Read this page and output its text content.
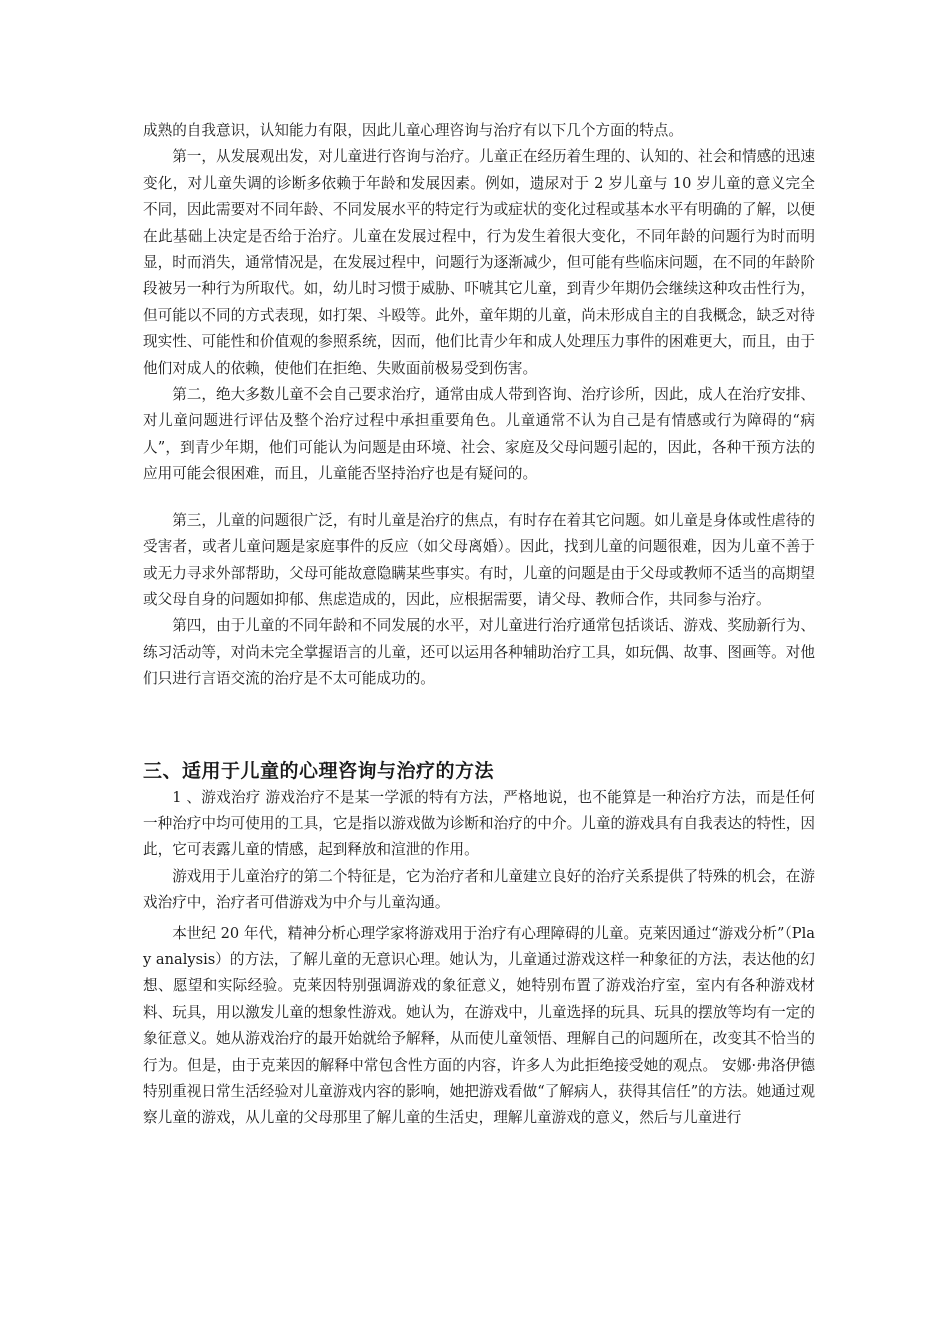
成熟的自我意识，认知能力有限，因此儿童心理咨询与治疗有以下几个方面的特点。

第一，从发展观出发，对儿童进行咨询与治疗。儿童正在经历着生理的、认知的、社会和情感的迅速变化，对儿童失调的诊断多依赖于年龄和发展因素。例如，遗尿对于 2 岁儿童与 10 岁儿童的意义完全不同，因此需要对不同年龄、不同发展水平的特定行为或症状的变化过程或基本水平有明确的了解，以便在此基础上决定是否给于治疗。儿童在发展过程中，行为发生着很大变化，不同年龄的问题行为时而明显，时而消失，通常情况是，在发展过程中，问题行为逐渐减少，但可能有些临床问题，在不同的年龄阶段被另一种行为所取代。如，幼儿时习惯于威胁、吓唬其它儿童，到青少年期仍会继续这种攻击性行为，但可能以不同的方式表现，如打架、斗殴等。此外，童年期的儿童，尚未形成自主的自我概念，缺乏对待现实性、可能性和价值观的参照系统，因而，他们比青少年和成人处理压力事件的困难更大，而且，由于他们对成人的依赖，使他们在拒绝、失败面前极易受到伤害。

第二，绝大多数儿童不会自己要求治疗，通常由成人带到咨询、治疗诊所，因此，成人在治疗安排、对儿童问题进行评估及整个治疗过程中承担重要角色。儿童通常不认为自己是有情感或行为障碍的“病人”，到青少年期，他们可能认为问题是由环境、社会、家庭及父母问题引起的，因此，各种干预方法的应用可能会很困难，而且，儿童能否坚持治疗也是有疑问的。

第三，儿童的问题很广泛，有时儿童是治疗的焦点，有时存在着其它问题。如儿童是身体或性虐待的受害者，或者儿童问题是家庭事件的反应（如父母离婚）。因此，找到儿童的问题很难，因为儿童不善于或无力寻求外部帮助，父母可能故意隐瞒某些事实。有时，儿童的问题是由于父母或教师不适当的高期望或父母自身的问题如抑郁、焦虑造成的，因此，应根据需要，请父母、教师合作，共同参与治疗。

第四，由于儿童的不同年龄和不同发展的水平，对儿童进行治疗通常包括谈话、游戏、奖励新行为、练习活动等，对尚未完全掌握语言的儿童，还可以运用各种辅助治疗工具，如玩偶、故事、图画等。对他们只进行言语交流的治疗是不太可能成功的。

三、适用于儿童的心理咨询与治疗的方法

1 、游戏治疗 游戏治疗不是某一学派的特有方法，严格地说，也不能算是一种治疗方法，而是任何一种治疗中均可使用的工具，它是指以游戏做为诊断和治疗的中介。儿童的游戏具有自我表达的特性，因此，它可表露儿童的情感，起到释放和渲泄的作用。

游戏用于儿童治疗的第二个特征是，它为治疗者和儿童建立良好的治疗关系提供了特殊的机会，在游戏治疗中，治疗者可借游戏为中介与儿童沟通。

本世纪 20 年代，精神分析心理学家将游戏用于治疗有心理障碍的儿童。克莱因通过“游戏分析”（Play analysis）的方法，了解儿童的无意识心理。她认为，儿童通过游戏这样一种象征的方法，表达他的幻想、愿望和实际经验。克莱因特别强调游戏的象征意义，她特别布置了游戏治疗室，室内有各种游戏材料、玩具，用以激发儿童的想象性游戏。她认为，在游戏中，儿童选择的玩具、玩具的摆放等均有一定的象征意义。她从游戏治疗的最开始就给予解释，从而使儿童领悟、理解自己的问题所在，改变其不恰当的行为。但是，由于克莱因的解释中常包含性方面的内容，许多人为此拒绝接受她的观点。 安娜·弗洛伊德特别重视日常生活经验对儿童游戏内容的影响，她把游戏看做“了解病人，获得其信任”的方法。她通过观察儿童的游戏，从儿童的父母那里了解儿童的生活史，理解儿童游戏的意义，然后与儿童进行
